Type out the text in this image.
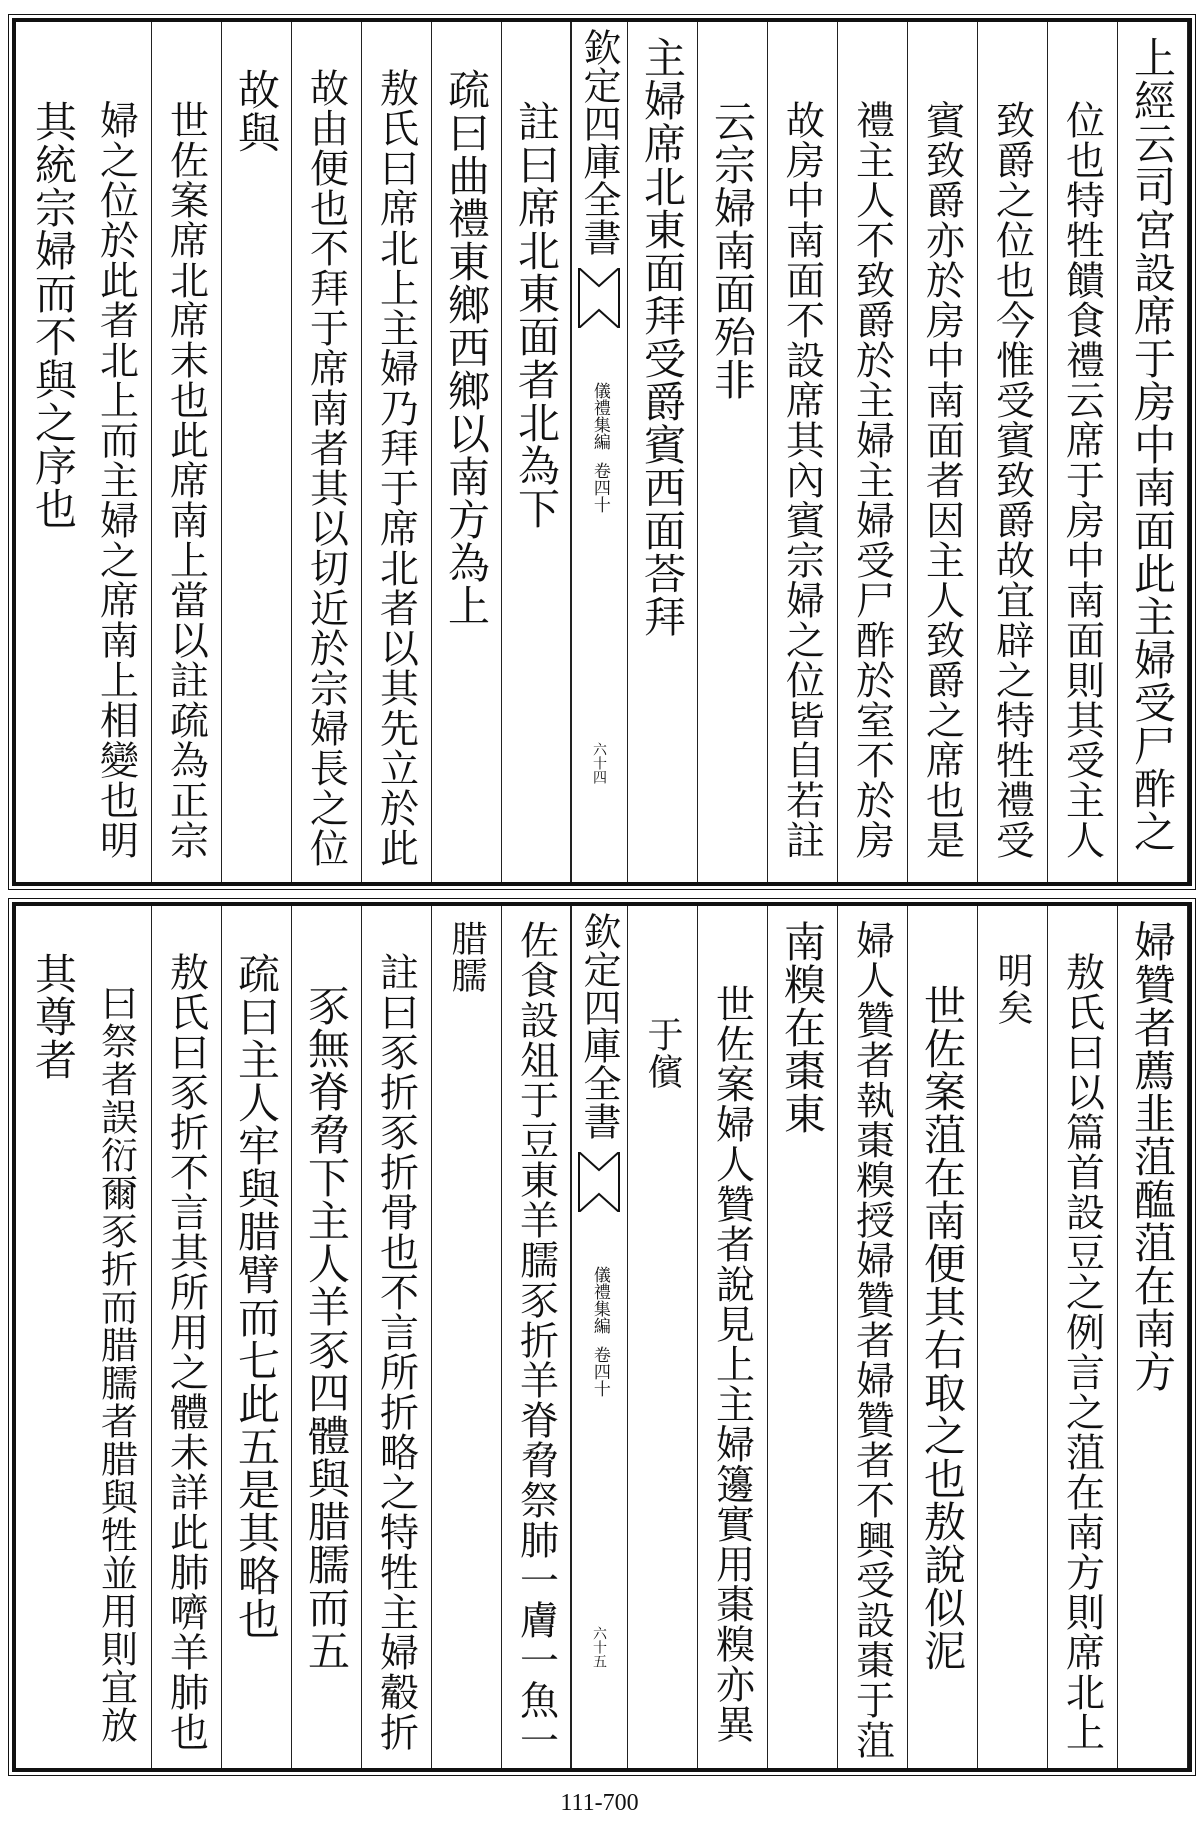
上經云司宮設席于房中南面此主婦受尸酢之
位也特牲饋食禮云席于房中南面則其受主人
致爵之位也今惟受賓致爵故宜辟之特牲禮受
賓致爵亦於房中南面者因主人致爵之席也是
禮主人不致爵於主婦主婦受尸酢於室不於房
故房中南面不設席其內賓宗婦之位皆自若註
云宗婦南面殆非
主婦席北東面拜受爵賓西面荅拜
欽定四庫全書
儀禮集編
卷四十
六十四
註曰席北東面者北為下
疏曰曲禮東鄉西鄉以南方為上
敖氏曰席北上主婦乃拜于席北者以其先立於此
故由便也不拜于席南者其以切近於宗婦長之位
故與
世佐案席北席末也此席南上當以註疏為正宗
婦之位於此者北上而主婦之席南上相變也明
其統宗婦而不與之序也
婦贊者薦韭菹醢菹在南方
敖氏曰以篇首設豆之例言之菹在南方則席北上
明矣
世佐案菹在南便其右取之也敖說似泥
婦人贊者執棗糗授婦贊者婦贊者不興受設棗于菹
南糗在棗東
世佐案婦人贊者說見上主婦籩實用棗糗亦異
于儐
欽定四庫全書
儀禮集編
卷四十
六十五
佐食設俎于豆東羊臑豕折羊脊脅祭肺一膚一魚一
腊臑
註曰豕折豕折骨也不言所折略之特牲主婦觳折
豕無脊脅下主人羊豕四體與腊臑而五
疏曰主人牢與腊臂而七此五是其略也
敖氏曰豕折不言其所用之體未詳此肺嚌羊肺也
曰祭者誤衍爾豕折而腊臑者腊與牲並用則宜放
其尊者
111-700
